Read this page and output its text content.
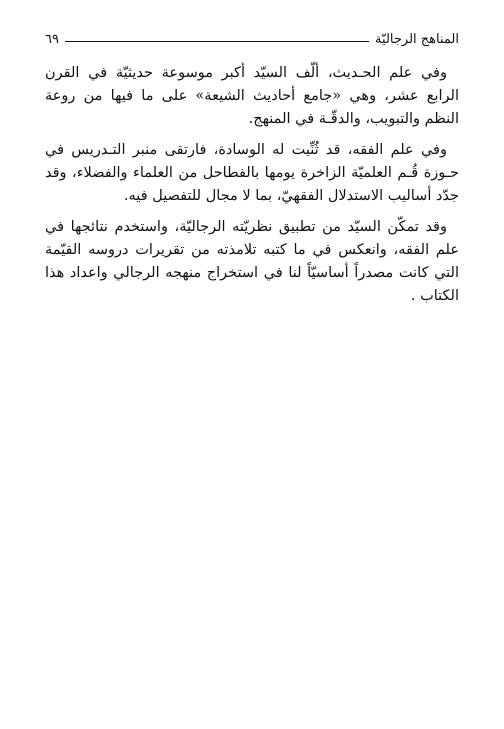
المناهج الرجاليّة
٦٩

وفي علم الحـديث، ألّف السيّد أكبر موسوعة حديثيّة في القرن الرابع عشر، وهي «جامع أحاديث الشيعة» على ما فيها من روعة النظم والتبويب، والدقّـة في المنهج.

وفي علم الفقه، قد ثُنِّيت له الوسادة، فارتقى منبر التـدريس في حـوزة قُـم العلميّة الزاخرة يومها بالفطاحل من العلماء والفضلاء، وقد جدّد أساليب الاستدلال الفقهيّ، بما لا مجال للتفصيل فيه.

وقد تمكّن السيّد من تطبيق نظريّته الرجاليّة، واستخدم نتائجها في علم الفقه، وانعكس في ما كتبه تلامذته من تقريرات دروسه القيّمة التي كانت مصدراً أساسيّاً لنا في استخراج منهجه الرجالي واعداد هذا الكتاب .
